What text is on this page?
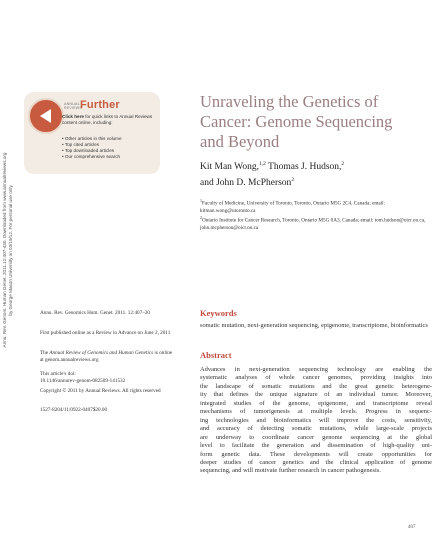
Annu. Rev. Genom. Human Genet. 2011.12:407-430. Downloaded from www.annualreviews.org by George Mason University on 03/19/12. For personal use only.
ANNUAL
REVIEWS
Further
Click here for quick links to Annual Reviews content online, including:
• Other articles in this volume
• Top cited articles
• Top downloaded articles
• Our comprehensive search
Unraveling the Genetics of Cancer: Genome Sequencing and Beyond
Kit Man Wong,$^{1,2}$ Thomas J. Hudson,$^2$
and John D. McPherson$^2$
$^1$Faculty of Medicine, University of Toronto, Toronto, Ontario M5G 2C4, Canada; email: kitman.wong@utoronto.ca
$^2$Ontario Institute for Cancer Research, Toronto, Ontario M5G 0A3, Canada; email: tom.hudson@oicr.on.ca, john.mcpherson@oicr.on.ca
Annu. Rev. Genomics Hum. Genet. 2011. 12:407–30
First published online as a Review in Advance on June 2, 2011
The Annual Review of Genomics and Human Genetics is online at genom.annualreviews.org
This article's doi:
10.1146/annurev-genom-082509-141532
Copyright © 2011 by Annual Reviews. All rights reserved
1527-8204/11/0922-0407$20.00
Keywords

somatic mutation, next-generation sequencing, epigenome, transcriptome, bioinformatics

Abstract
Advances in next-generation sequencing technology are enabling the
systematic analyses of whole cancer genomes, providing insights into
the landscape of somatic mutations and the great genetic heterogene-
ity that defines the unique signature of an individual tumor. Moreover,
integrated studies of the genome, epigenome, and transcriptome reveal
mechanisms of tumorigenesis at multiple levels. Progress in sequenc-
ing technologies and bioinformatics will improve the costs, sensitivity,
and accuracy of detecting somatic mutations, while large-scale projects
are underway to coordinate cancer genome sequencing at the global
level to facilitate the generation and dissemination of high-quality uni-
form genetic data. These developments will create opportunities for
deeper studies of cancer genetics and the clinical application of genome
sequencing, and will motivate further research in cancer pathogenesis.
407
